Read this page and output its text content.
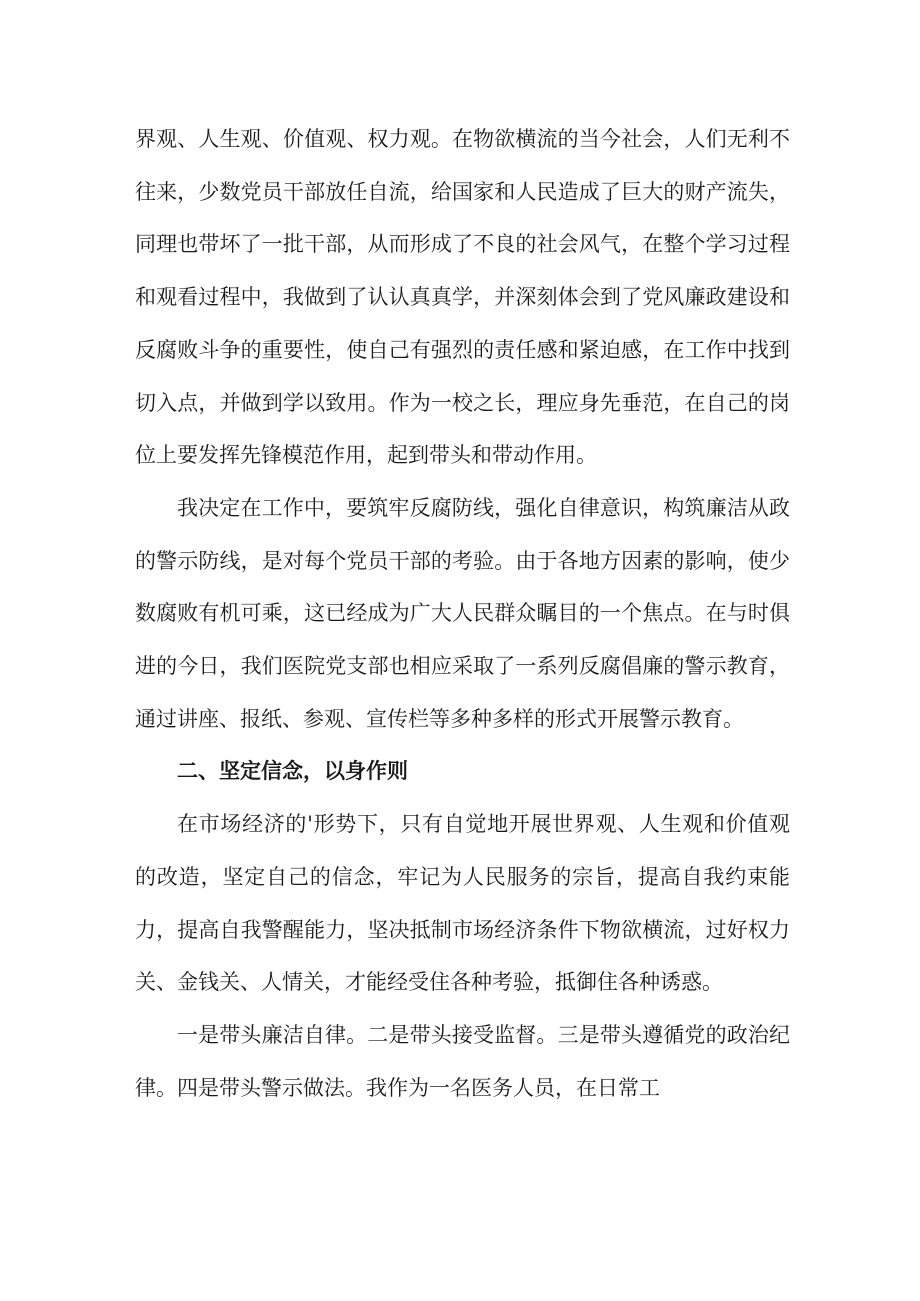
界观、人生观、价值观、权力观。在物欲横流的当今社会，人们无利不往来，少数党员干部放任自流，给国家和人民造成了巨大的财产流失，同理也带坏了一批干部，从而形成了不良的社会风气，在整个学习过程和观看过程中，我做到了认认真真学，并深刻体会到了党风廉政建设和反腐败斗争的重要性，使自己有强烈的责任感和紧迫感，在工作中找到切入点，并做到学以致用。作为一校之长，理应身先垂范，在自己的岗位上要发挥先锋模范作用，起到带头和带动作用。

我决定在工作中，要筑牢反腐防线，强化自律意识，构筑廉洁从政的警示防线，是对每个党员干部的考验。由于各地方因素的影响，使少数腐败有机可乘，这已经成为广大人民群众瞩目的一个焦点。在与时俱进的今日，我们医院党支部也相应采取了一系列反腐倡廉的警示教育，通过讲座、报纸、参观、宣传栏等多种多样的形式开展警示教育。

二、坚定信念，以身作则

在市场经济的'形势下，只有自觉地开展世界观、人生观和价值观的改造，坚定自己的信念，牢记为人民服务的宗旨，提高自我约束能力，提高自我警醒能力，坚决抵制市场经济条件下物欲横流，过好权力关、金钱关、人情关，才能经受住各种考验，抵御住各种诱惑。

一是带头廉洁自律。二是带头接受监督。三是带头遵循党的政治纪律。四是带头警示做法。我作为一名医务人员，在日常工
